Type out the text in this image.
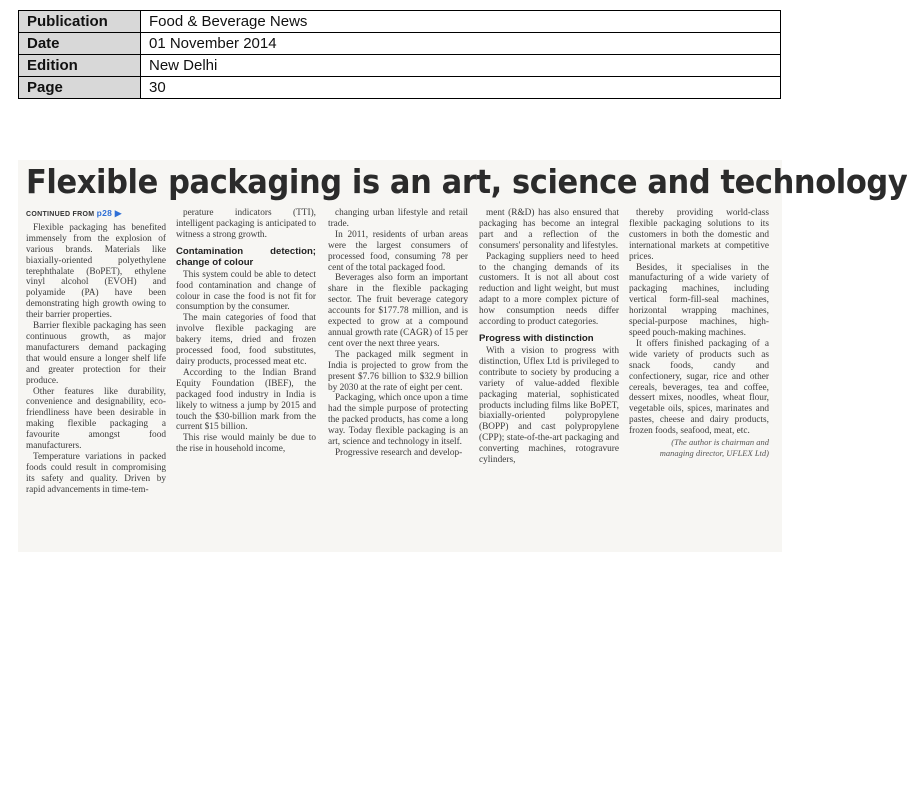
Publication	Food & Beverage News
Date	01 November 2014
Edition	New Delhi
Page	30
Flexible packaging is an art, science and technology
CONTINUED FROM p28 ▶

Flexible packaging has benefited immensely from the explosion of various brands. Materials like biaxially-oriented polyethylene terephthalate (BoPET), ethylene vinyl alcohol (EVOH) and polyamide (PA) have been demonstrating high growth owing to their barrier properties.

Barrier flexible packaging has seen continuous growth, as major manufacturers demand packaging that would ensure a longer shelf life and greater protection for their produce.

Other features like durability, convenience and designability, eco-friendliness have been desirable in making flexible packaging a favourite amongst food manufacturers.

Temperature variations in packed foods could result in compromising its safety and quality. Driven by rapid advancements in time-tem-

perature indicators (TTI), intelligent packaging is anticipated to witness a strong growth.

Contamination detection; change of colour

This system could be able to detect food contamination and change of colour in case the food is not fit for consumption by the consumer.

The main categories of food that involve flexible packaging are bakery items, dried and frozen processed food, food substitutes, dairy products, processed meat etc.

According to the Indian Brand Equity Foundation (IBEF), the packaged food industry in India is likely to witness a jump by 2015 and touch the $30-billion mark from the current $15 billion.

This rise would mainly be due to the rise in household income,

changing urban lifestyle and retail trade.

In 2011, residents of urban areas were the largest consumers of processed food, consuming 78 per cent of the total packaged food.

Beverages also form an important share in the flexible packaging sector. The fruit beverage category accounts for $177.78 million, and is expected to grow at a compound annual growth rate (CAGR) of 15 per cent over the next three years.

The packaged milk segment in India is projected to grow from the present $7.76 billion to $32.9 billion by 2030 at the rate of eight per cent.

Packaging, which once upon a time had the simple purpose of protecting the packed products, has come a long way. Today flexible packaging is an art, science and technology in itself.

Progressive research and develop-

ment (R&D) has also ensured that packaging has become an integral part and a reflection of the consumers' personality and lifestyles.

Packaging suppliers need to heed to the changing demands of its customers. It is not all about cost reduction and light weight, but must adapt to a more complex picture of how consumption needs differ according to product categories.

Progress with distinction

With a vision to progress with distinction, Uflex Ltd is privileged to contribute to society by producing a variety of value-added flexible packaging material, sophisticated products including films like BoPET, biaxially-oriented polypropylene (BOPP) and cast polypropylene (CPP); state-of-the-art packaging and converting machines, rotogravure cylinders,

thereby providing world-class flexible packaging solutions to its customers in both the domestic and international markets at competitive prices.

Besides, it specialises in the manufacturing of a wide variety of packaging machines, including vertical form-fill-seal machines, horizontal wrapping machines, special-purpose machines, high-speed pouch-making machines.

It offers finished packaging of a wide variety of products such as snack foods, candy and confectionery, sugar, rice and other cereals, beverages, tea and coffee, dessert mixes, noodles, wheat flour, vegetable oils, spices, marinates and pastes, cheese and dairy products, frozen foods, seafood, meat, etc.

(The author is chairman and managing director, UFLEX Ltd)
